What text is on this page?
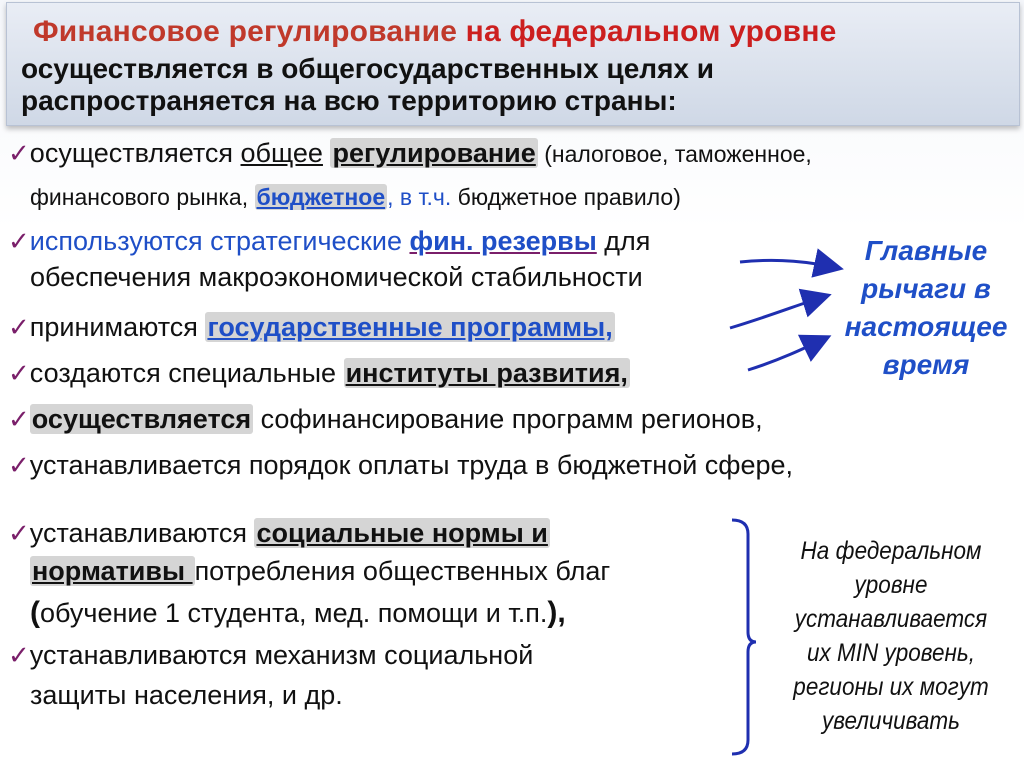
Финансовое регулирование на федеральном уровне
осуществляется в общегосударственных целях и
распространяется на всю территорию страны:
✓осуществляется общее регулирование (налоговое, таможенное,
финансового рынка, бюджетное, в т.ч. бюджетное правило)
✓используются стратегические фин. резервы для
обеспечения макроэкономической стабильности
✓принимаются государственные программы,
✓создаются специальные институты развития,
✓осуществляется софинансирование программ регионов,
✓устанавливается порядок оплаты труда в бюджетной сфере,
✓устанавливаются социальные нормы и
нормативы потребления общественных благ
(обучение 1 студента, мед. помощи и т.п.),
✓устанавливаются механизм социальной
защиты населения, и др.
Главные
рычаги в
настоящее
время
На федеральном
уровне
устанавливается
их MIN уровень,
регионы их могут
увеличивать
